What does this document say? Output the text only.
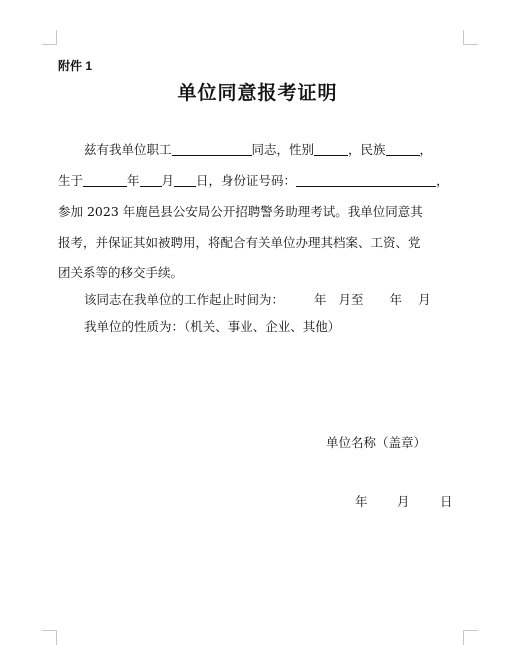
附件 1
单位同意报考证明
兹有我单位职工	同志，性别	，民族	，
生于	年 月 日，身份证号码：	，
参加 2023 年鹿邑县公安局公开招聘警务助理考试。我单位同意其
报考，并保证其如被聘用，将配合有关单位办理其档案、工资、党
团关系等的移交手续。
该同志在我单位的工作起止时间为： 年 月至 年 月
我单位的性质为：（机关、事业、企业、其他）
单位名称（盖章）
年 月 日
